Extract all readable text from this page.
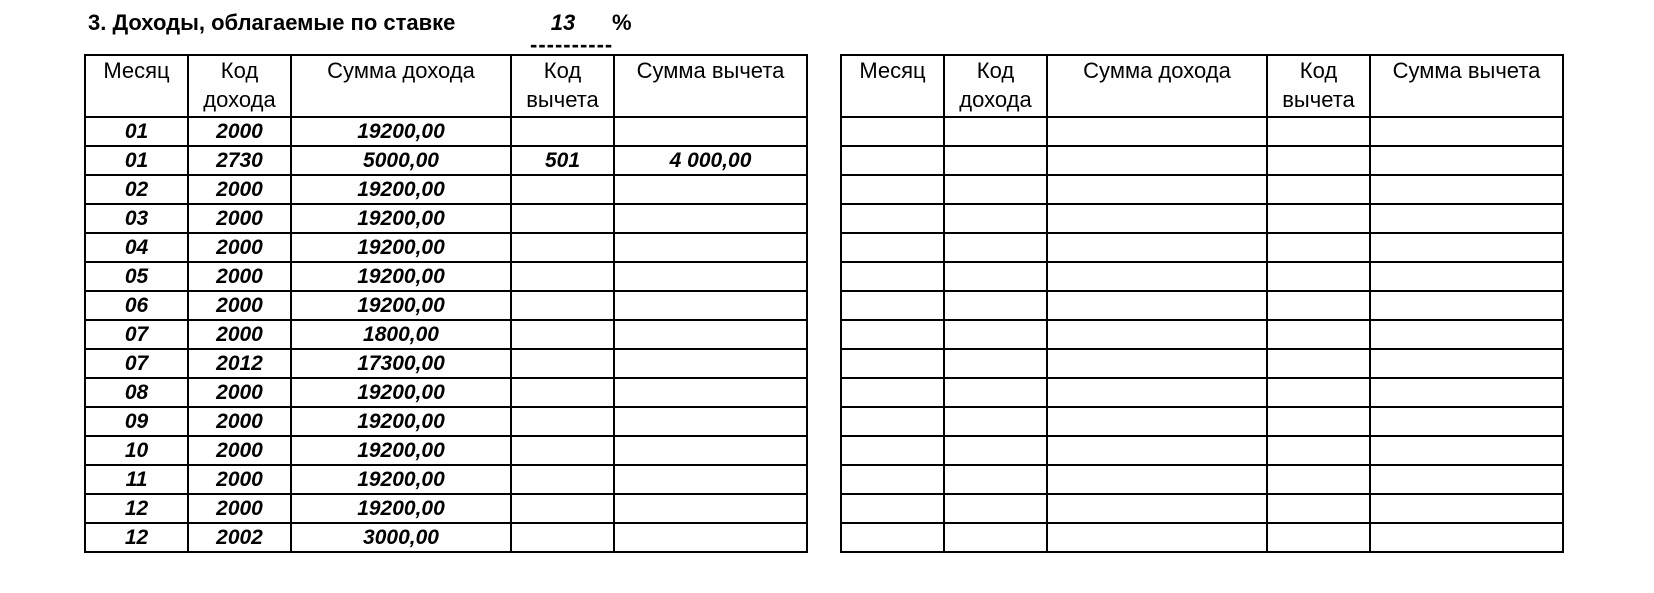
3. Доходы, облагаемые по ставке	13
----------
%
Месяц	Код дохода	Сумма дохода	Код вычета	Сумма вычета
01	2000	19200,00		
01	2730	5000,00	501	4 000,00
02	2000	19200,00		
03	2000	19200,00		
04	2000	19200,00		
05	2000	19200,00		
06	2000	19200,00		
07	2000	1800,00		
07	2012	17300,00		
08	2000	19200,00		
09	2000	19200,00		
10	2000	19200,00		
11	2000	19200,00		
12	2000	19200,00		
12	2002	3000,00		
Месяц	Код дохода	Сумма дохода	Код вычета	Сумма вычета
